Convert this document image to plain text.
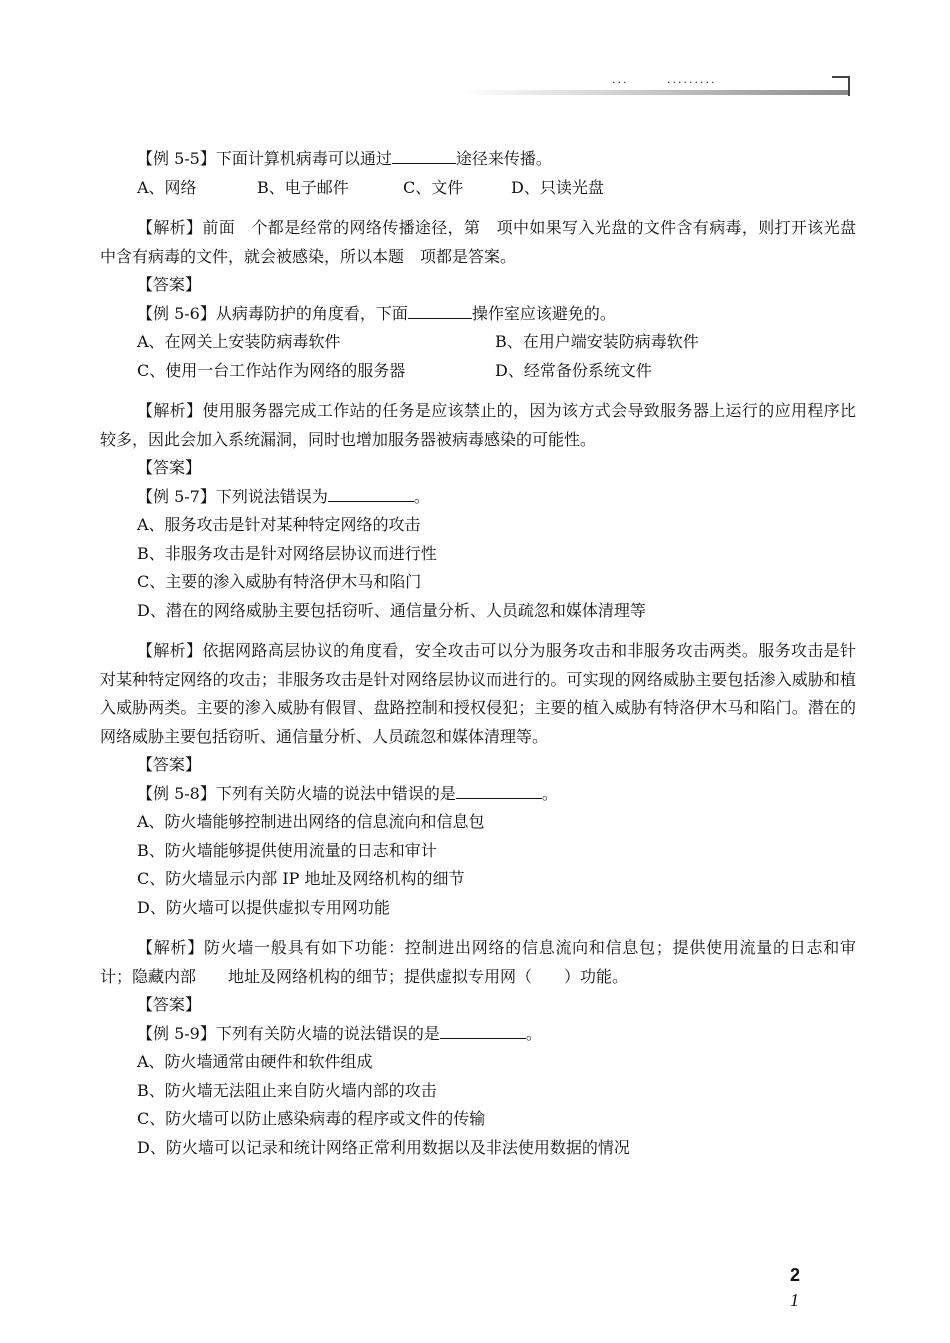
···	·········
【例 5-5】下面计算机病毒可以通过	途径来传播。
A、网络	B、电子邮件	C、文件	D、只读光盘
【解析】前面　个都是经常的网络传播途径，第　项中如果写入光盘的文件含有病毒，则打开该光盘中含有病毒的文件，就会被感染，所以本题　项都是答案。
【答案】
【例 5-6】从病毒防护的角度看，下面	操作室应该避免的。
A、在网关上安装防病毒软件	B、在用户端安装防病毒软件
C、使用一台工作站作为网络的服务器	D、经常备份系统文件
【解析】使用服务器完成工作站的任务是应该禁止的，因为该方式会导致服务器上运行的应用程序比较多，因此会加入系统漏洞，同时也增加服务器被病毒感染的可能性。
【答案】
【例 5-7】下列说法错误为	。
A、服务攻击是针对某种特定网络的攻击
B、非服务攻击是针对网络层协议而进行性
C、主要的渗入威胁有特洛伊木马和陷门
D、潜在的网络威胁主要包括窃听、通信量分析、人员疏忽和媒体清理等
【解析】依据网路高层协议的角度看，安全攻击可以分为服务攻击和非服务攻击两类。服务攻击是针对某种特定网络的攻击；非服务攻击是针对网络层协议而进行的。可实现的网络威胁主要包括渗入威胁和植入威胁两类。主要的渗入威胁有假冒、盘路控制和授权侵犯；主要的植入威胁有特洛伊木马和陷门。潜在的网络威胁主要包括窃听、通信量分析、人员疏忽和媒体清理等。
【答案】
【例 5-8】下列有关防火墙的说法中错误的是	。
A、防火墙能够控制进出网络的信息流向和信息包
B、防火墙能够提供使用流量的日志和审计
C、防火墙显示内部 IP 地址及网络机构的细节
D、防火墙可以提供虚拟专用网功能
【解析】防火墙一般具有如下功能：控制进出网络的信息流向和信息包；提供使用流量的日志和审计；隐藏内部　　地址及网络机构的细节；提供虚拟专用网（　　）功能。
【答案】
【例 5-9】下列有关防火墙的说法错误的是	。
A、防火墙通常由硬件和软件组成
B、防火墙无法阻止来自防火墙内部的攻击
C、防火墙可以防止感染病毒的程序或文件的传输
D、防火墙可以记录和统计网络正常利用数据以及非法使用数据的情况
2
1
